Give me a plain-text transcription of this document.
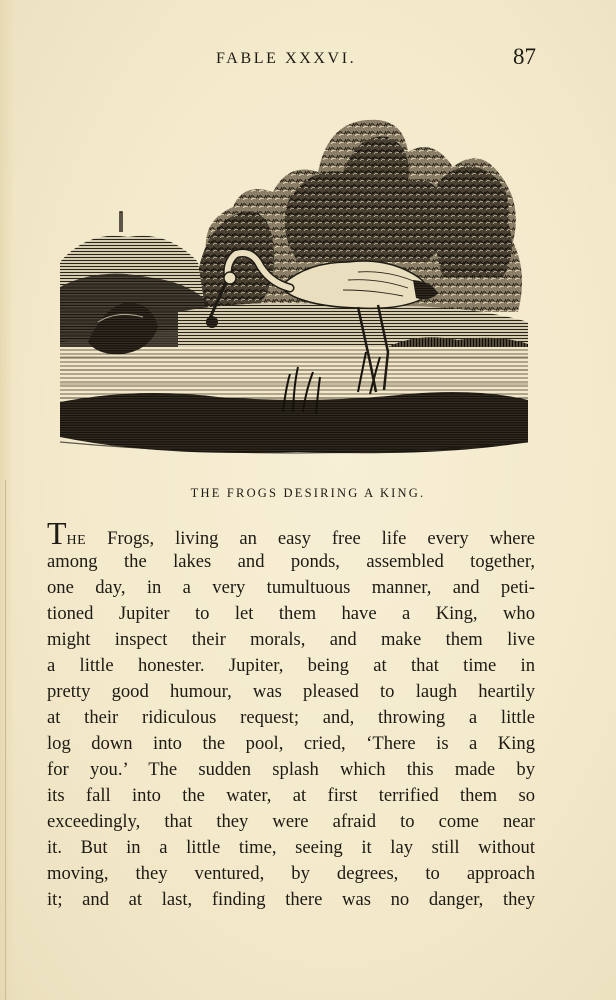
FABLE XXXVI.	87
THE FROGS DESIRING A KING.
THE Frogs, living an easy free life every where
among the lakes and ponds, assembled together,
one day, in a very tumultuous manner, and peti-
tioned Jupiter to let them have a King, who
might inspect their morals, and make them live
a little honester. Jupiter, being at that time in
pretty good humour, was pleased to laugh heartily
at their ridiculous request; and, throwing a little
log down into the pool, cried, ‘There is a King
for you.’ The sudden splash which this made by
its fall into the water, at first terrified them so
exceedingly, that they were afraid to come near
it. But in a little time, seeing it lay still without
moving, they ventured, by degrees, to approach
it; and at last, finding there was no danger, they
